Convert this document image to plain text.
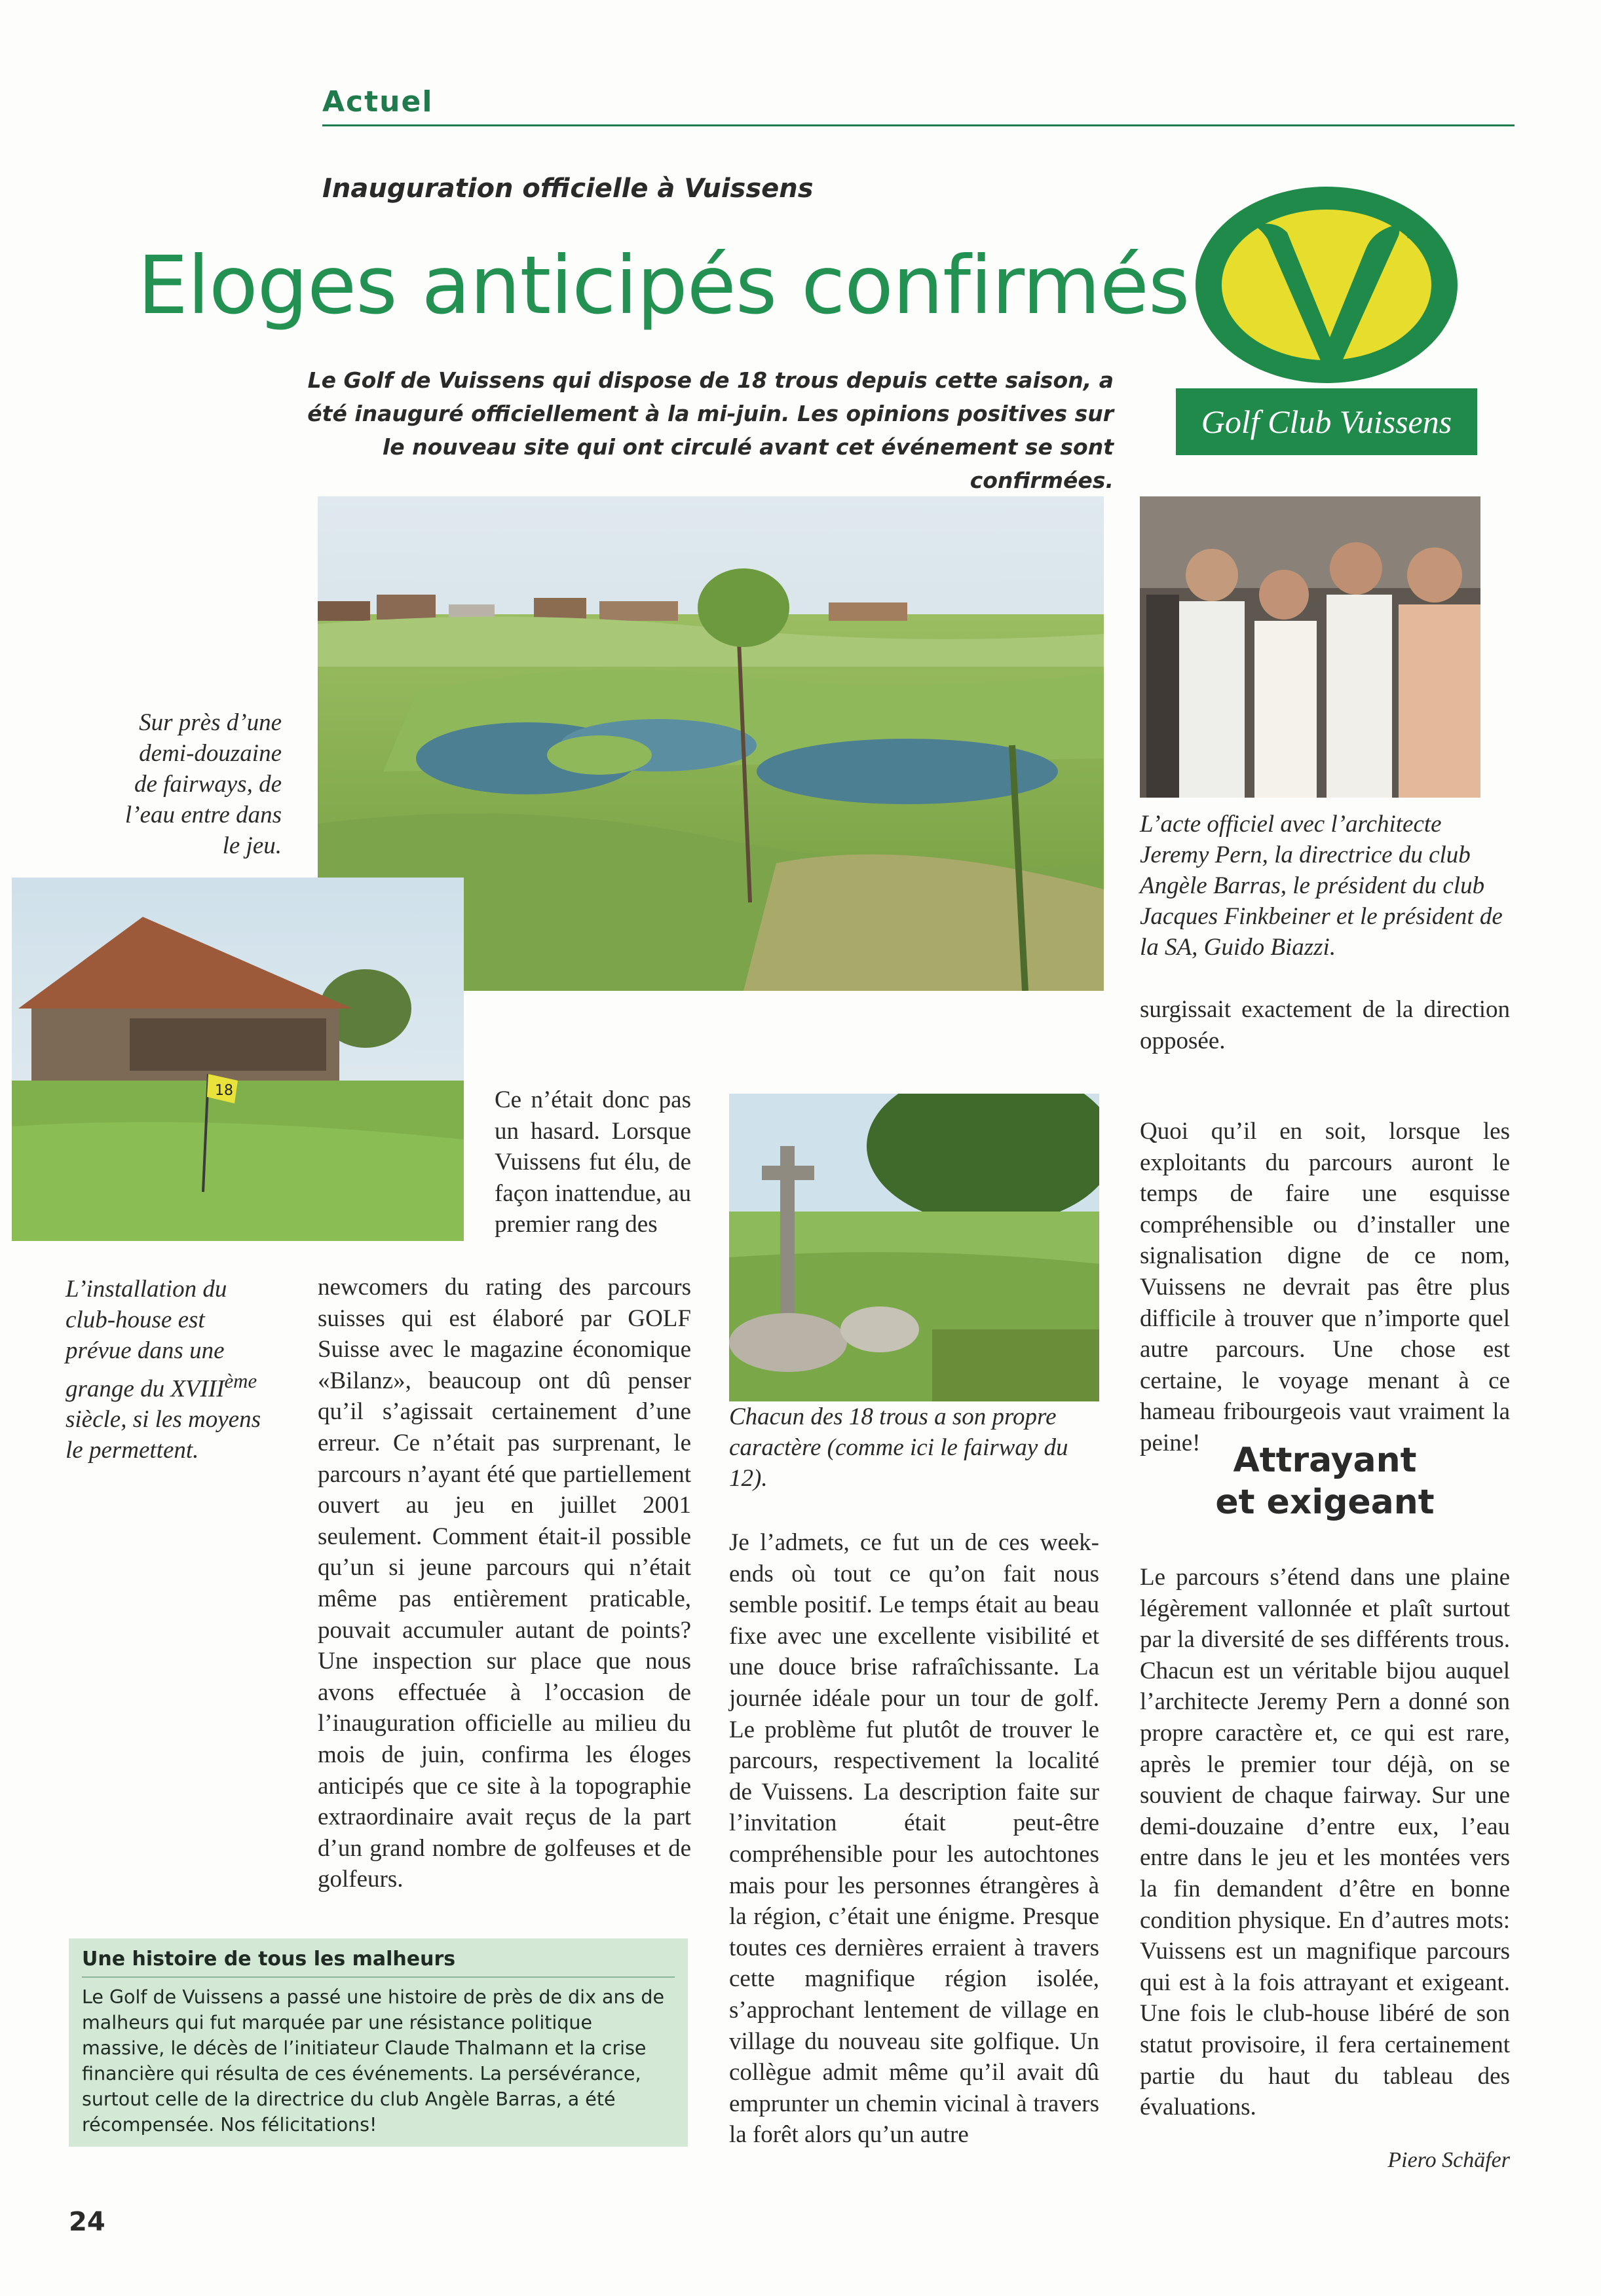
Actuel
Inauguration officielle à Vuissens
Eloges anticipés confirmés
Le Golf de Vuissens qui dispose de 18 trous depuis cette saison, a été inauguré officiellement à la mi-juin. Les opinions positives sur le nouveau site qui ont circulé avant cet événement se sont confirmées.
Golf Club Vuissens
Sur près d’une demi-douzaine de fairways, de l’eau entre dans le jeu.
L’acte officiel avec l’architecte Jeremy Pern, la directrice du club Angèle Barras, le président du club Jacques Finkbeiner et le président de la SA, Guido Biazzi.
18
L’installation du club-house est prévue dans une grange du XVIIIème siècle, si les moyens le permettent.
Chacun des 18 trous a son propre caractère (comme ici le fairway du 12).

Ce n’était donc pas un hasard. Lorsque Vuissens fut élu, de façon inattendue, au premier rang des

newcomers du rating des parcours suisses qui est élaboré par GOLF Suisse avec le magazine économique «Bilanz», beaucoup ont dû penser qu’il s’agissait certainement d’une erreur. Ce n’était pas surprenant, le parcours n’ayant été que partiellement ouvert au jeu en juillet 2001 seulement. Comment était-il possible qu’un si jeune parcours qui n’était même pas entièrement praticable, pouvait accumuler autant de points? Une inspection sur place que nous avons effectuée à l’occasion de l’inauguration officielle au milieu du mois de juin, confirma les éloges anticipés que ce site à la topographie extraordinaire avait reçus de la part d’un grand nombre de golfeuses et de golfeurs.

Je l’admets, ce fut un de ces week-ends où tout ce qu’on fait nous semble positif. Le temps était au beau fixe avec une excellente visibilité et une douce brise rafraîchissante. La journée idéale pour un tour de golf. Le problème fut plutôt de trouver le parcours, respectivement la localité de Vuissens. La description faite sur l’invitation était peut-être compréhensible pour les autochtones mais pour les personnes étrangères à la région, c’était une énigme. Presque toutes ces dernières erraient à travers cette magnifique région isolée, s’approchant lentement de village en village du nouveau site golfique. Un collègue admit même qu’il avait dû emprunter un chemin vicinal à travers la forêt alors qu’un autre

surgissait exactement de la direction opposée.

Quoi qu’il en soit, lorsque les exploitants du parcours auront le temps de faire une esquisse compréhensible ou d’installer une signalisation digne de ce nom, Vuissens ne devrait pas être plus difficile à trouver que n’importe quel autre parcours. Une chose est certaine, le voyage menant à ce hameau fribourgeois vaut vraiment la peine! Attrayant
et exigeant

Le parcours s’étend dans une plaine légèrement vallonnée et plaît surtout par la diversité de ses différents trous. Chacun est un véritable bijou auquel l’architecte Jeremy Pern a donné son propre caractère et, ce qui est rare, après le premier tour déjà, on se souvient de chaque fairway. Sur une demi-douzaine d’entre eux, l’eau entre dans le jeu et les montées vers la fin demandent d’être en bonne condition physique. En d’autres mots: Vuissens est un magnifique parcours qui est à la fois attrayant et exigeant. Une fois le club-house libéré de son statut provisoire, il fera certainement partie du haut du tableau des évaluations.

Piero Schäfer
Une histoire de tous les malheurs
Le Golf de Vuissens a passé une histoire de près de dix ans de malheurs qui fut marquée par une résistance politique massive, le décès de l’initiateur Claude Thalmann et la crise financière qui résulta de ces événements. La persévérance, surtout celle de la directrice du club Angèle Barras, a été récompensée. Nos félicitations!
24
